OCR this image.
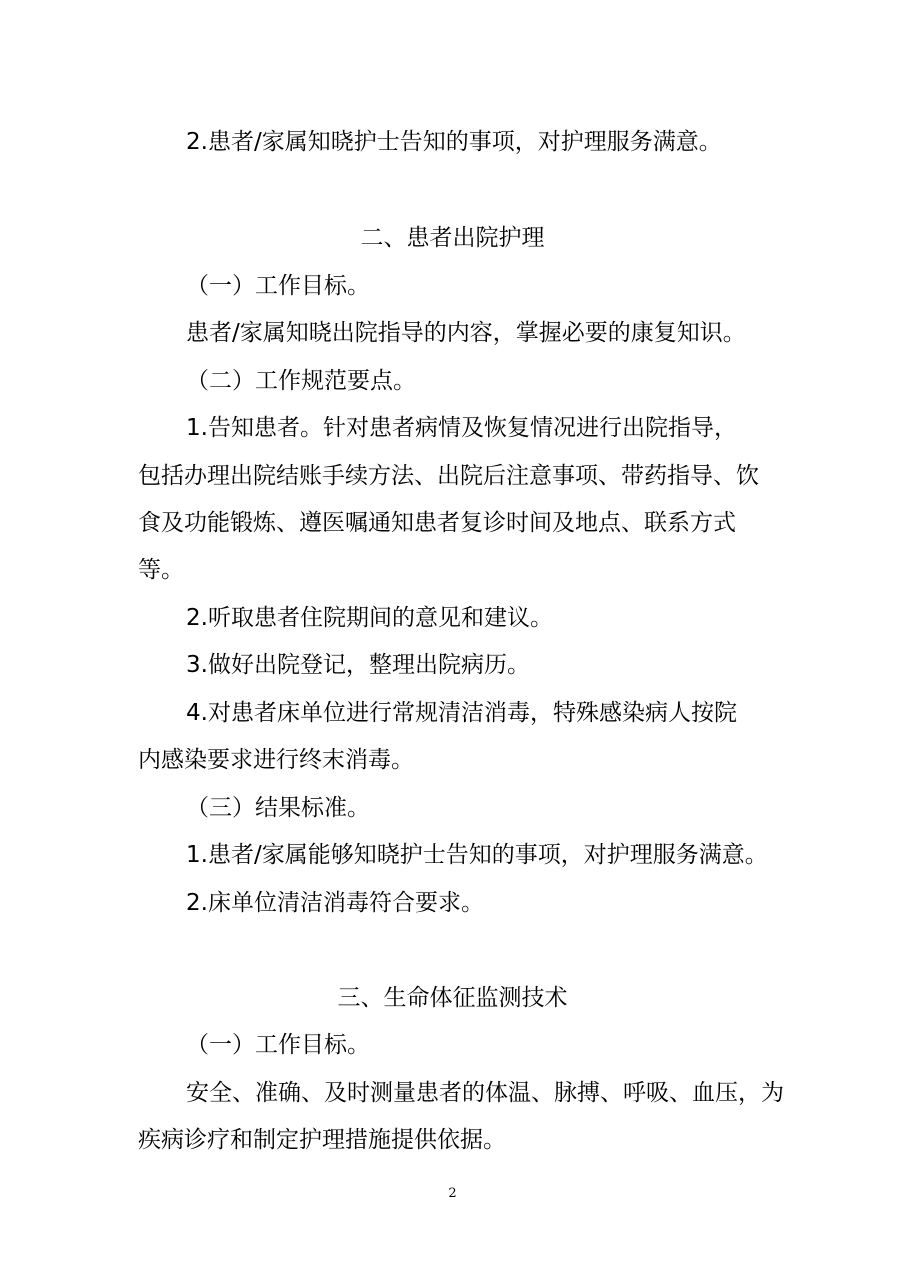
2.患者/家属知晓护士告知的事项，对护理服务满意。
二、患者出院护理
（一）工作目标。
患者/家属知晓出院指导的内容，掌握必要的康复知识。
（二）工作规范要点。
1.告知患者。针对患者病情及恢复情况进行出院指导，
包括办理出院结账手续方法、出院后注意事项、带药指导、饮
食及功能锻炼、遵医嘱通知患者复诊时间及地点、联系方式
等。
2.听取患者住院期间的意见和建议。
3.做好出院登记，整理出院病历。
4.对患者床单位进行常规清洁消毒，特殊感染病人按院
内感染要求进行终末消毒。
（三）结果标准。
1.患者/家属能够知晓护士告知的事项，对护理服务满意。
2.床单位清洁消毒符合要求。
三、生命体征监测技术
（一）工作目标。
安全、准确、及时测量患者的体温、脉搏、呼吸、血压，为
疾病诊疗和制定护理措施提供依据。
2
